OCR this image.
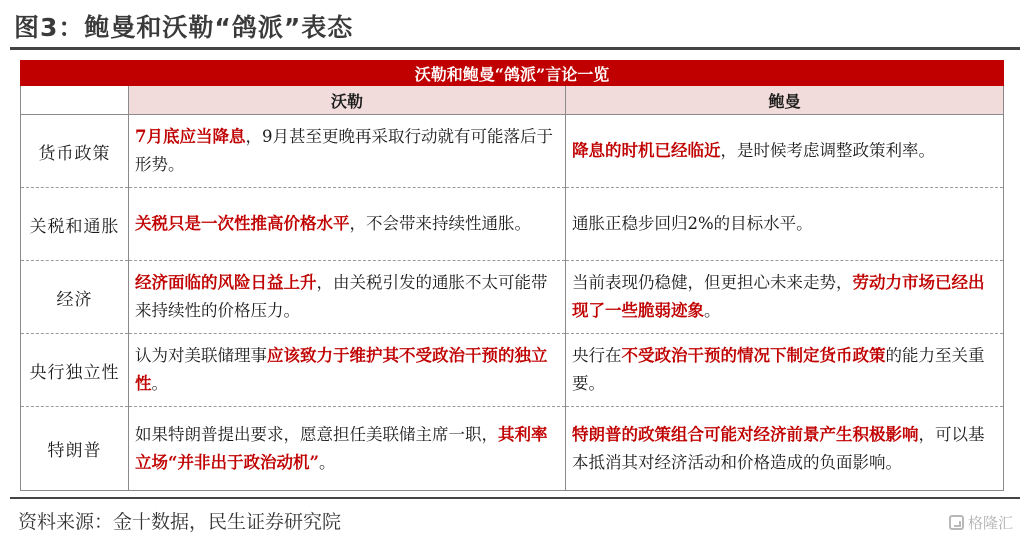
图3：鲍曼和沃勒“鸽派”表态
沃勒和鲍曼“鸽派”言论一览		
	沃勒	鲍曼
货币政策	7月底应当降息，9月甚至更晚再采取行动就有可能落后于形势。	降息的时机已经临近，是时候考虑调整政策利率。
关税和通胀	关税只是一次性推高价格水平，不会带来持续性通胀。	通胀正稳步回归2%的目标水平。
经济	经济面临的风险日益上升，由关税引发的通胀不太可能带来持续性的价格压力。	当前表现仍稳健，但更担心未来走势，劳动力市场已经出现了一些脆弱迹象。
央行独立性	认为对美联储理事应该致力于维护其不受政治干预的独立性。	央行在不受政治干预的情况下制定货币政策的能力至关重要。
特朗普	如果特朗普提出要求，愿意担任美联储主席一职，其利率立场“并非出于政治动机”。	特朗普的政策组合可能对经济前景产生积极影响，可以基本抵消其对经济活动和价格造成的负面影响。
资料来源：金十数据，民生证券研究院	格隆汇
